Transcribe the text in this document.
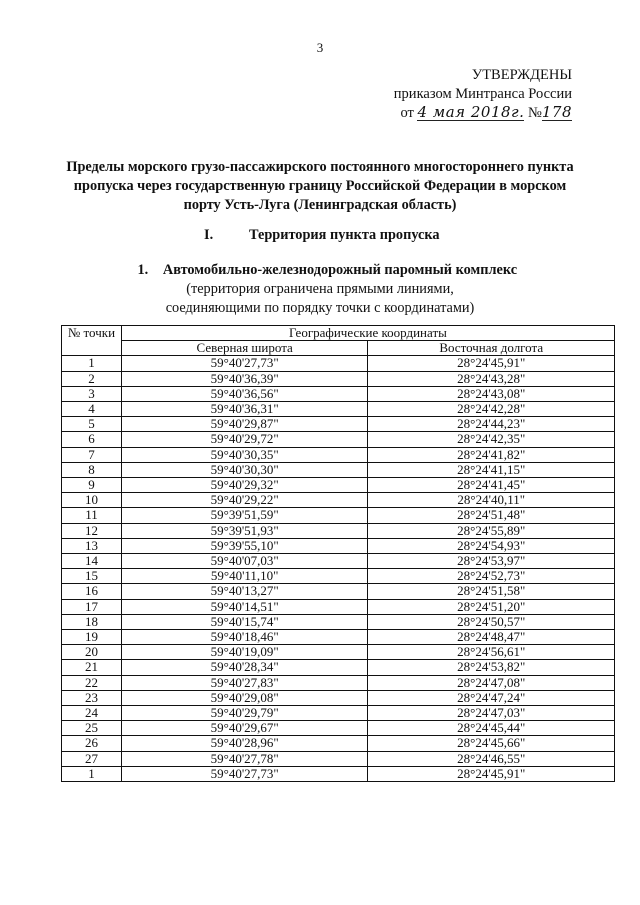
3
УТВЕРЖДЕНЫ
приказом Минтранса России
от 4 мая 2018г. №178
Пределы морского грузо-пассажирского постоянного многостороннего пункта пропуска через государственную границу Российской Федерации в морском порту Усть-Луга (Ленинградская область)
I.	Территория пункта пропуска
1. Автомобильно-железнодорожный паромный комплекс
(территория ограничена прямыми линиями,
соединяющими по порядку точки с координатами)
№ точки	Географические координаты	
	Северная широта	Восточная долгота
1	59°40'27,73"	28°24'45,91"
2	59°40'36,39"	28°24'43,28"
3	59°40'36,56"	28°24'43,08"
4	59°40'36,31"	28°24'42,28"
5	59°40'29,87"	28°24'44,23"
6	59°40'29,72"	28°24'42,35"
7	59°40'30,35"	28°24'41,82"
8	59°40'30,30"	28°24'41,15"
9	59°40'29,32"	28°24'41,45"
10	59°40'29,22"	28°24'40,11"
11	59°39'51,59"	28°24'51,48"
12	59°39'51,93"	28°24'55,89"
13	59°39'55,10"	28°24'54,93"
14	59°40'07,03"	28°24'53,97"
15	59°40'11,10"	28°24'52,73"
16	59°40'13,27"	28°24'51,58"
17	59°40'14,51"	28°24'51,20"
18	59°40'15,74"	28°24'50,57"
19	59°40'18,46"	28°24'48,47"
20	59°40'19,09"	28°24'56,61"
21	59°40'28,34"	28°24'53,82"
22	59°40'27,83"	28°24'47,08"
23	59°40'29,08"	28°24'47,24"
24	59°40'29,79"	28°24'47,03"
25	59°40'29,67"	28°24'45,44"
26	59°40'28,96"	28°24'45,66"
27	59°40'27,78"	28°24'46,55"
1	59°40'27,73"	28°24'45,91"
